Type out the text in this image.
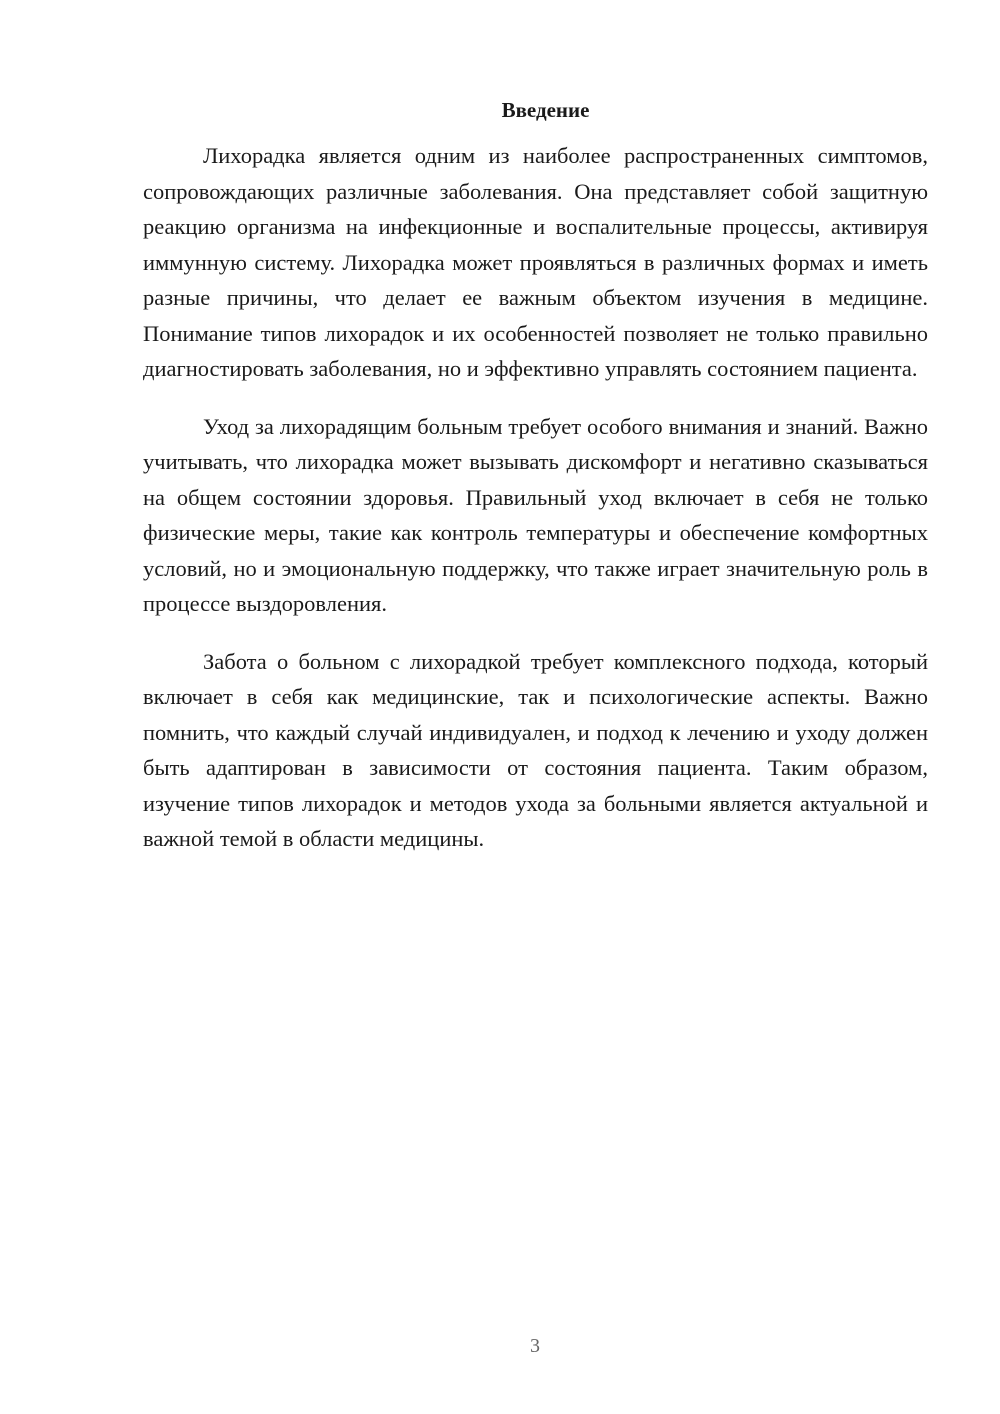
Введение

Лихорадка является одним из наиболее распространенных симптомов, сопровождающих различные заболевания. Она представляет собой защитную реакцию организма на инфекционные и воспалительные процессы, активируя иммунную систему. Лихорадка может проявляться в различных формах и иметь разные причины, что делает ее важным объектом изучения в медицине. Понимание типов лихорадок и их особенностей позволяет не только правильно диагностировать заболевания, но и эффективно управлять состоянием пациента.

Уход за лихорадящим больным требует особого внимания и знаний. Важно учитывать, что лихорадка может вызывать дискомфорт и негативно сказываться на общем состоянии здоровья. Правильный уход включает в себя не только физические меры, такие как контроль температуры и обеспечение комфортных условий, но и эмоциональную поддержку, что также играет значительную роль в процессе выздоровления.

Забота о больном с лихорадкой требует комплексного подхода, который включает в себя как медицинские, так и психологические аспекты. Важно помнить, что каждый случай индивидуален, и подход к лечению и уходу должен быть адаптирован в зависимости от состояния пациента. Таким образом, изучение типов лихорадок и методов ухода за больными является актуальной и важной темой в области медицины.

3
